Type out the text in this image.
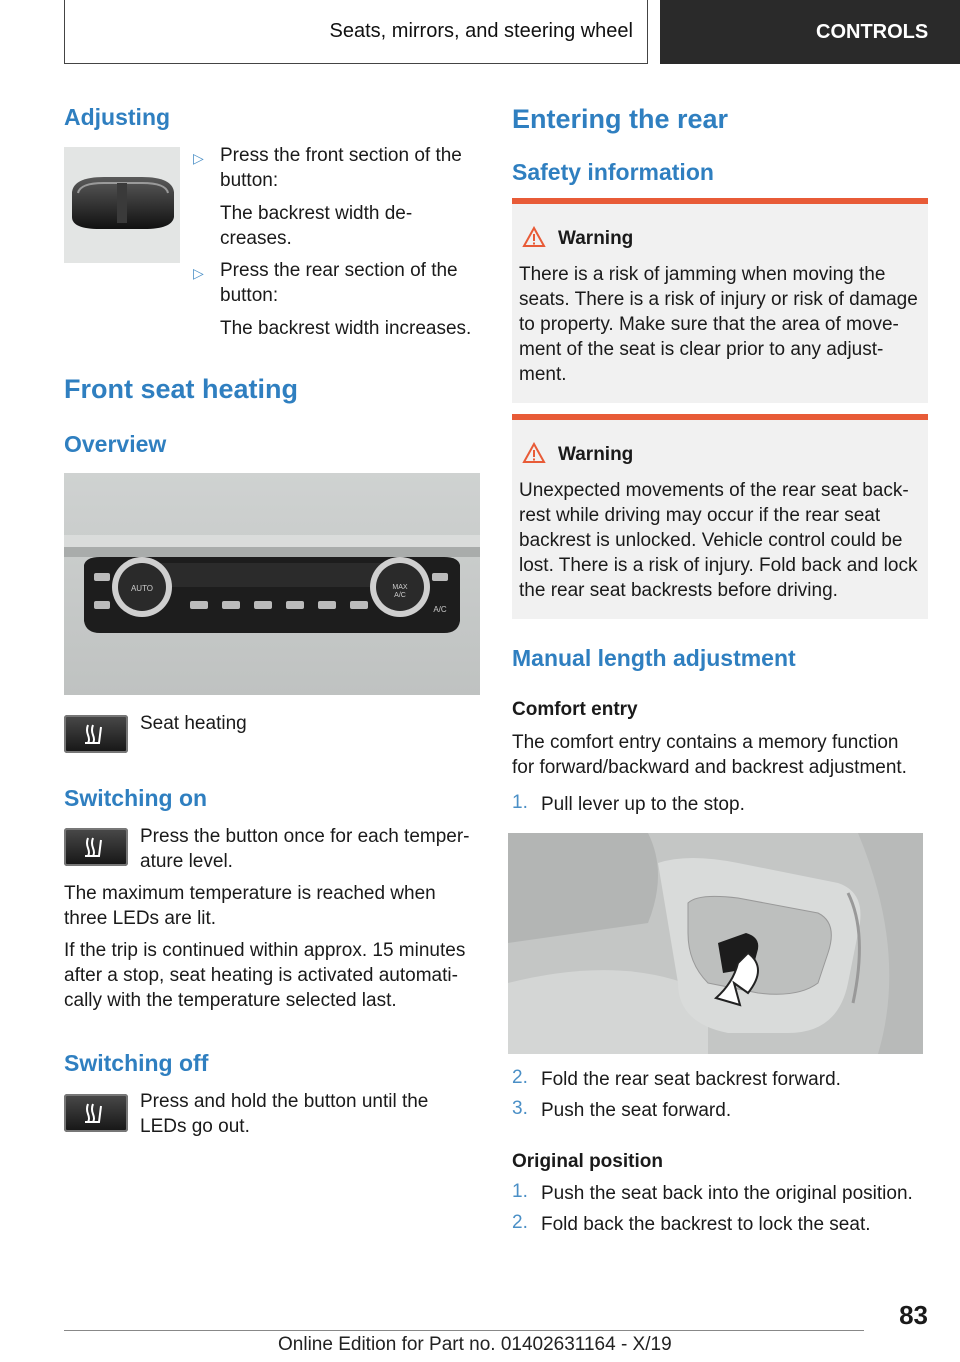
Seats, mirrors, and steering wheel	CONTROLS
Adjusting
▷ Press the front section of the
button:

The backrest width de-
creases.

▷ Press the rear section of the
button:

The backrest width increases.

Front seat heating
Overview
AUTO	MAX
A/C
A/C

Seat heating

Switching on

Press the button once for each temper-
ature level.

The maximum temperature is reached when
three LEDs are lit.

If the trip is continued within approx. 15 minutes
after a stop, seat heating is activated automati-
cally with the temperature selected last.

Switching off

Press and hold the button until the
LEDs go out.

Entering the rear
Safety information
Warning

There is a risk of jamming when moving the
seats. There is a risk of injury or risk of damage
to property. Make sure that the area of move-
ment of the seat is clear prior to any adjust-
ment.

Warning

Unexpected movements of the rear seat back-
rest while driving may occur if the rear seat
backrest is unlocked. Vehicle control could be
lost. There is a risk of injury. Fold back and lock
the rear seat backrests before driving.

Manual length adjustment

Comfort entry

The comfort entry contains a memory function
for forward/backward and backrest adjustment.

1. Pull lever up to the stop.

2. Fold the rear seat backrest forward.

3. Push the seat forward.

Original position

1. Push the seat back into the original position.

2. Fold back the backrest to lock the seat.

83
Online Edition for Part no. 01402631164 - X/19
